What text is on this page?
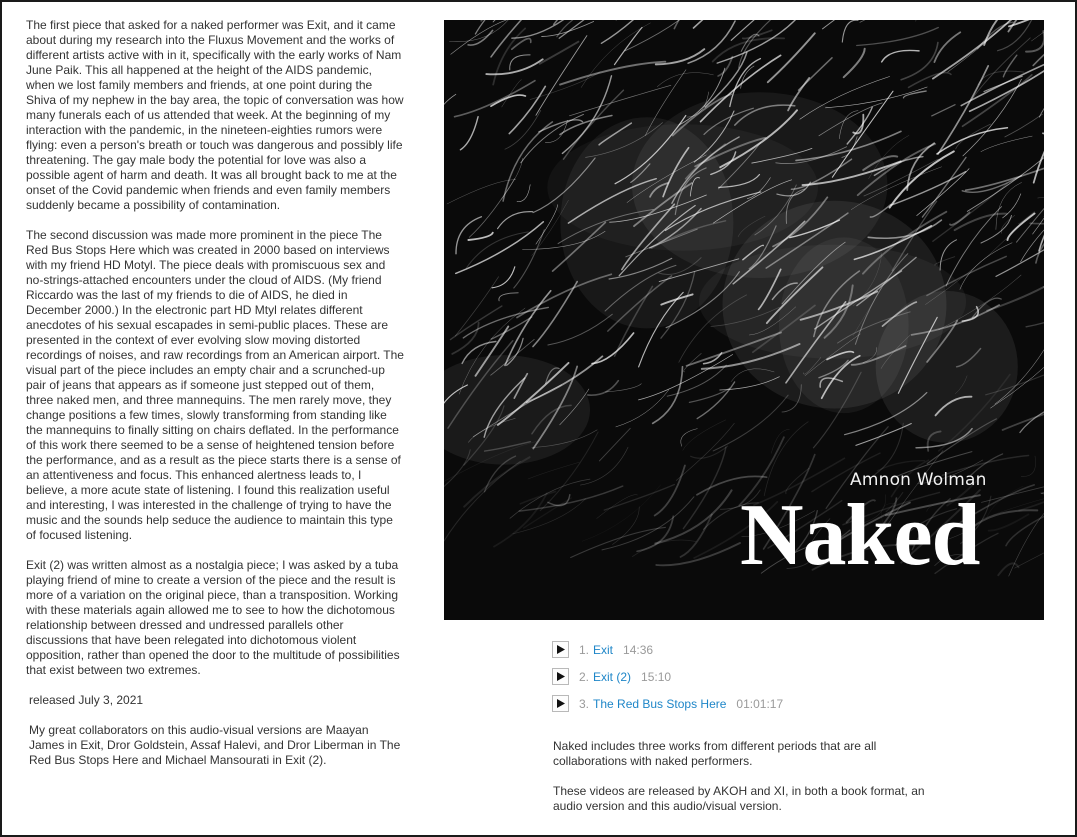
The first piece that asked for a naked performer was Exit, and it came about during my research into the Fluxus Movement and the works of different artists active with in it, specifically with the early works of Nam June Paik. This all happened at the height of the AIDS pandemic, when we lost family members and friends, at one point during the Shiva of my nephew in the bay area, the topic of conversation was how many funerals each of us attended that week. At the beginning of my interaction with the pandemic, in the nineteen-eighties rumors were flying: even a person's breath or touch was dangerous and possibly life threatening. The gay male body the potential for love was also a possible agent of harm and death. It was all brought back to me at the onset of the Covid pandemic when friends and even family members suddenly became a possibility of contamination.

The second discussion was made more prominent in the piece The Red Bus Stops Here which was created in 2000 based on interviews with my friend HD Motyl. The piece deals with promiscuous sex and no-strings-attached encounters under the cloud of AIDS. (My friend Riccardo was the last of my friends to die of AIDS, he died in December 2000.) In the electronic part HD Mtyl relates different anecdotes of his sexual escapades in semi-public places. These are presented in the context of ever evolving slow moving distorted recordings of noises, and raw recordings from an American airport. The visual part of the piece includes an empty chair and a scrunched-up pair of jeans that appears as if someone just stepped out of them, three naked men, and three mannequins. The men rarely move, they change positions a few times, slowly transforming from standing like the mannequins to finally sitting on chairs deflated. In the performance of this work there seemed to be a sense of heightened tension before the performance, and as a result as the piece starts there is a sense of an attentiveness and focus. This enhanced alertness leads to, I believe, a more acute state of listening. I found this realization useful and interesting, I was interested in the challenge of trying to have the music and the sounds help seduce the audience to maintain this type of focused listening.

Exit (2) was written almost as a nostalgia piece; I was asked by a tuba playing friend of mine to create a version of the piece and the result is more of a variation on the original piece, than a transposition. Working with these materials again allowed me to see to how the dichotomous relationship between dressed and undressed parallels other discussions that have been relegated into dichotomous violent opposition, rather than opened the door to the multitude of possibilities that exist between two extremes.

released July 3, 2021

My great collaborators on this audio-visual versions are Maayan James in Exit, Dror Goldstein, Assaf Halevi, and Dror Liberman in The Red Bus Stops Here and Michael Mansourati in Exit (2).

Amnon Wolman
Naked
1. Exit 14:36
2. Exit (2) 15:10
3. The Red Bus Stops Here 01:01:17

Naked includes three works from different periods that are all collaborations with naked performers.

These videos are released by AKOH and XI, in both a book format, an audio version and this audio/visual version.
